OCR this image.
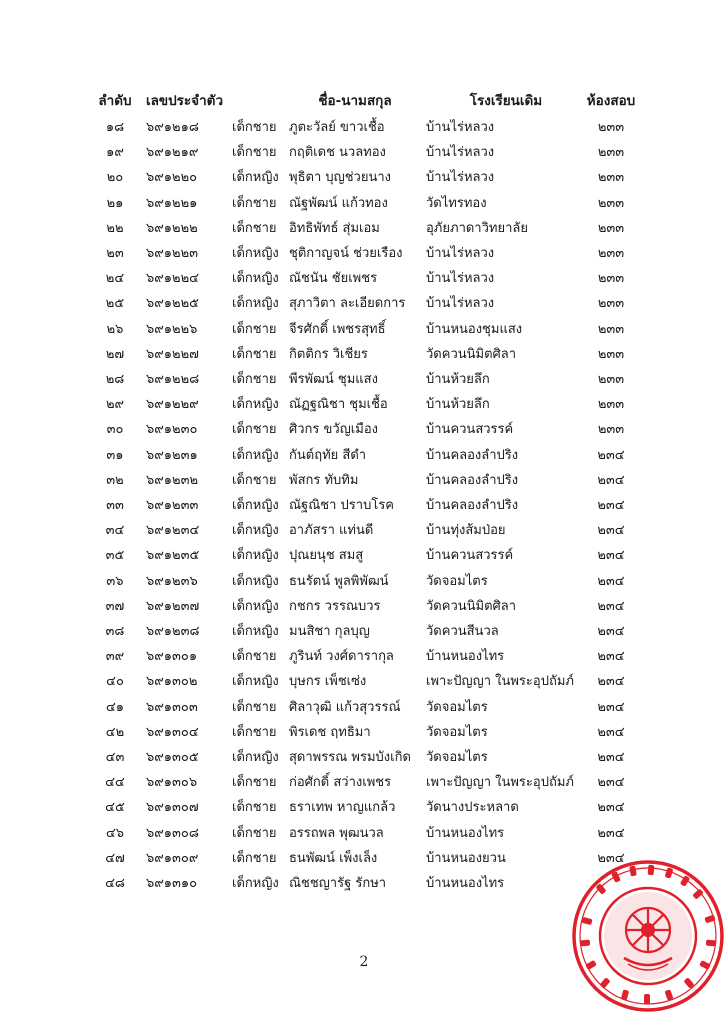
ลำดับ เลขประจำตัว	ชื่อ-นามสกุล	โรงเรียนเดิม	ห้องสอบ
๑๘	๖๙๑๒๑๘	เด็กชาย ภูตะวัลย์ ขาวเชื้อ	บ้านไร่หลวง	๒๓๓
๑๙	๖๙๑๒๑๙	เด็กชาย กฤติเดช นวลทอง	บ้านไร่หลวง	๒๓๓
๒๐	๖๙๑๒๒๐	เด็กหญิง พุธิตา บุญช่วยนาง	บ้านไร่หลวง	๒๓๓
๒๑	๖๙๑๒๒๑	เด็กชาย ณัฐพัฒน์ แก้วทอง	วัดไทรทอง	๒๓๓
๒๒	๖๙๑๒๒๒	เด็กชาย อิทธิพัทธ์ สุ่มเอม	อุภัยภาดาวิทยาลัย	๒๓๓
๒๓	๖๙๑๒๒๓	เด็กหญิง ชุติกาญจน์ ช่วยเรือง	บ้านไร่หลวง	๒๓๓
๒๔	๖๙๑๒๒๔	เด็กหญิง ณัชนัน ชัยเพชร	บ้านไร่หลวง	๒๓๓
๒๕	๖๙๑๒๒๕	เด็กหญิง สุภาวิตา ละเอียดการ	บ้านไร่หลวง	๒๓๓
๒๖	๖๙๑๒๒๖	เด็กชาย จีรศักดิ์ เพชรสุทธิ์	บ้านหนองชุมแสง	๒๓๓
๒๗	๖๙๑๒๒๗	เด็กชาย กิตติกร วิเชียร	วัดควนนิมิตศิลา	๒๓๓
๒๘	๖๙๑๒๒๘	เด็กชาย พีรพัฒน์ ชุมแสง	บ้านห้วยลึก	๒๓๓
๒๙	๖๙๑๒๒๙	เด็กหญิง ณัฏฐณิชา ชุมเชื้อ	บ้านห้วยลึก	๒๓๓
๓๐	๖๙๑๒๓๐	เด็กชาย ศิวกร ขวัญเมือง	บ้านควนสวรรค์	๒๓๓
๓๑	๖๙๑๒๓๑	เด็กหญิง กันต์ฤทัย สีดำ	บ้านคลองลำปริง	๒๓๔
๓๒	๖๙๑๒๓๒	เด็กชาย พัสกร ทับทิม	บ้านคลองลำปริง	๒๓๔
๓๓	๖๙๑๒๓๓	เด็กหญิง ณัฐณิชา ปราบโรค	บ้านคลองลำปริง	๒๓๔
๓๔	๖๙๑๒๓๔	เด็กหญิง อาภัสรา แท่นดี	บ้านทุ่งส้มป่อย	๒๓๔
๓๕	๖๙๑๒๓๕	เด็กหญิง ปุณยนุช สมสู	บ้านควนสวรรค์	๒๓๔
๓๖	๖๙๑๒๓๖	เด็กหญิง ธนรัตน์ พูลพิพัฒน์	วัดจอมไตร	๒๓๔
๓๗	๖๙๑๒๓๗	เด็กหญิง กชกร วรรณบวร	วัดควนนิมิตศิลา	๒๓๔
๓๘	๖๙๑๒๓๘	เด็กหญิง มนสิชา กุลบุญ	วัดควนสีนวล	๒๓๔
๓๙	๖๙๑๓๐๑	เด็กชาย ภูรินท์ วงศ์ดารากุล	บ้านหนองไทร	๒๓๔
๔๐	๖๙๑๓๐๒	เด็กหญิง บุษกร เพ็ชเซ่ง	เพาะปัญญา ในพระอุปถัมภ์	๒๓๔
๔๑	๖๙๑๓๐๓	เด็กชาย ศิลาวุฒิ แก้วสุวรรณ์	วัดจอมไตร	๒๓๔
๔๒	๖๙๑๓๐๔	เด็กชาย พิรเดช ฤทธิมา	วัดจอมไตร	๒๓๔
๔๓	๖๙๑๓๐๕	เด็กหญิง สุดาพรรณ พรมบังเกิด	วัดจอมไตร	๒๓๔
๔๔	๖๙๑๓๐๖	เด็กชาย ก่อศักดิ์ สว่างเพชร	เพาะปัญญา ในพระอุปถัมภ์	๒๓๔
๔๕	๖๙๑๓๐๗	เด็กชาย ธราเทพ หาญแกล้ว	วัดนางประหลาด	๒๓๔
๔๖	๖๙๑๓๐๘	เด็กชาย อรรถพล พุฒนวล	บ้านหนองไทร	๒๓๔
๔๗	๖๙๑๓๐๙	เด็กชาย ธนพัฒน์ เพ็งเล็ง	บ้านหนองยวน	๒๓๔
๔๘	๖๙๑๓๑๐	เด็กหญิง ณิชชญารัฐ รักษา	บ้านหนองไทร
2
